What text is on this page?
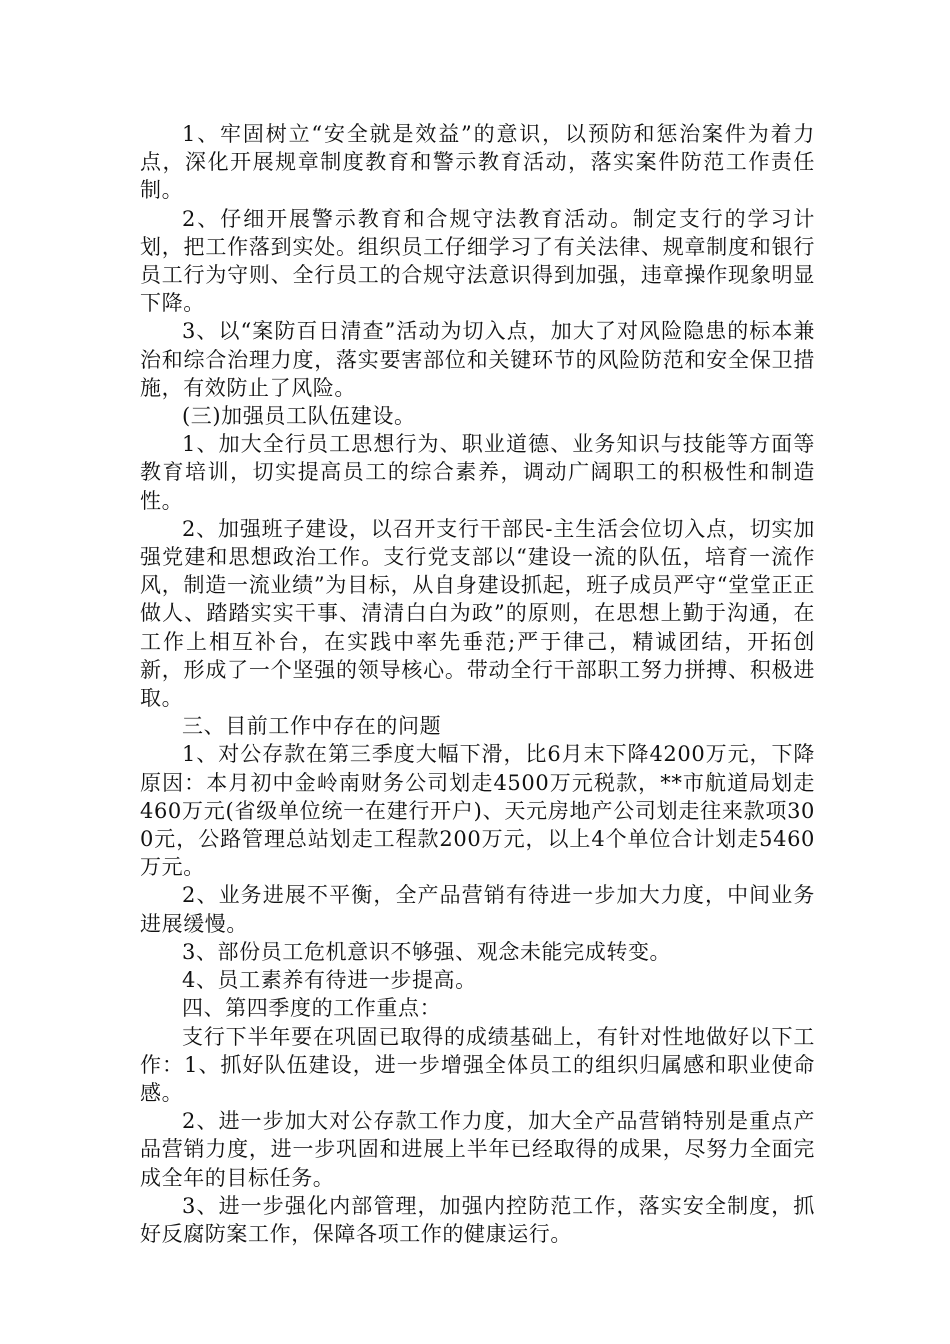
1、牢固树立“安全就是效益”的意识，以预防和惩治案件为着力点，深化开展规章制度教育和警示教育活动，落实案件防范工作责任制。

2、仔细开展警示教育和合规守法教育活动。制定支行的学习计划，把工作落到实处。组织员工仔细学习了有关法律、规章制度和银行员工行为守则、全行员工的合规守法意识得到加强，违章操作现象明显下降。

3、以“案防百日清查”活动为切入点，加大了对风险隐患的标本兼治和综合治理力度，落实要害部位和关键环节的风险防范和安全保卫措施，有效防止了风险。

(三)加强员工队伍建设。

1、加大全行员工思想行为、职业道德、业务知识与技能等方面等教育培训，切实提高员工的综合素养，调动广阔职工的积极性和制造性。

2、加强班子建设，以召开支行干部民-主生活会位切入点，切实加强党建和思想政治工作。支行党支部以“建设一流的队伍，培育一流作风，制造一流业绩”为目标，从自身建设抓起，班子成员严守“堂堂正正做人、踏踏实实干事、清清白白为政”的原则，在思想上勤于沟通，在工作上相互补台，在实践中率先垂范;严于律己，精诚团结，开拓创新，形成了一个坚强的领导核心。带动全行干部职工努力拼搏、积极进取。

三、目前工作中存在的问题

1、对公存款在第三季度大幅下滑，比6月末下降4200万元，下降原因：本月初中金岭南财务公司划走4500万元税款，**市航道局划走460万元(省级单位统一在建行开户)、天元房地产公司划走往来款项300元，公路管理总站划走工程款200万元，以上4个单位合计划走5460万元。

2、业务进展不平衡，全产品营销有待进一步加大力度，中间业务进展缓慢。

3、部份员工危机意识不够强、观念未能完成转变。

4、员工素养有待进一步提高。

四、第四季度的工作重点：

支行下半年要在巩固已取得的成绩基础上，有针对性地做好以下工作：1、抓好队伍建设，进一步增强全体员工的组织归属感和职业使命感。

2、进一步加大对公存款工作力度，加大全产品营销特别是重点产品营销力度，进一步巩固和进展上半年已经取得的成果，尽努力全面完成全年的目标任务。

3、进一步强化内部管理，加强内控防范工作，落实安全制度，抓好反腐防案工作，保障各项工作的健康运行。
